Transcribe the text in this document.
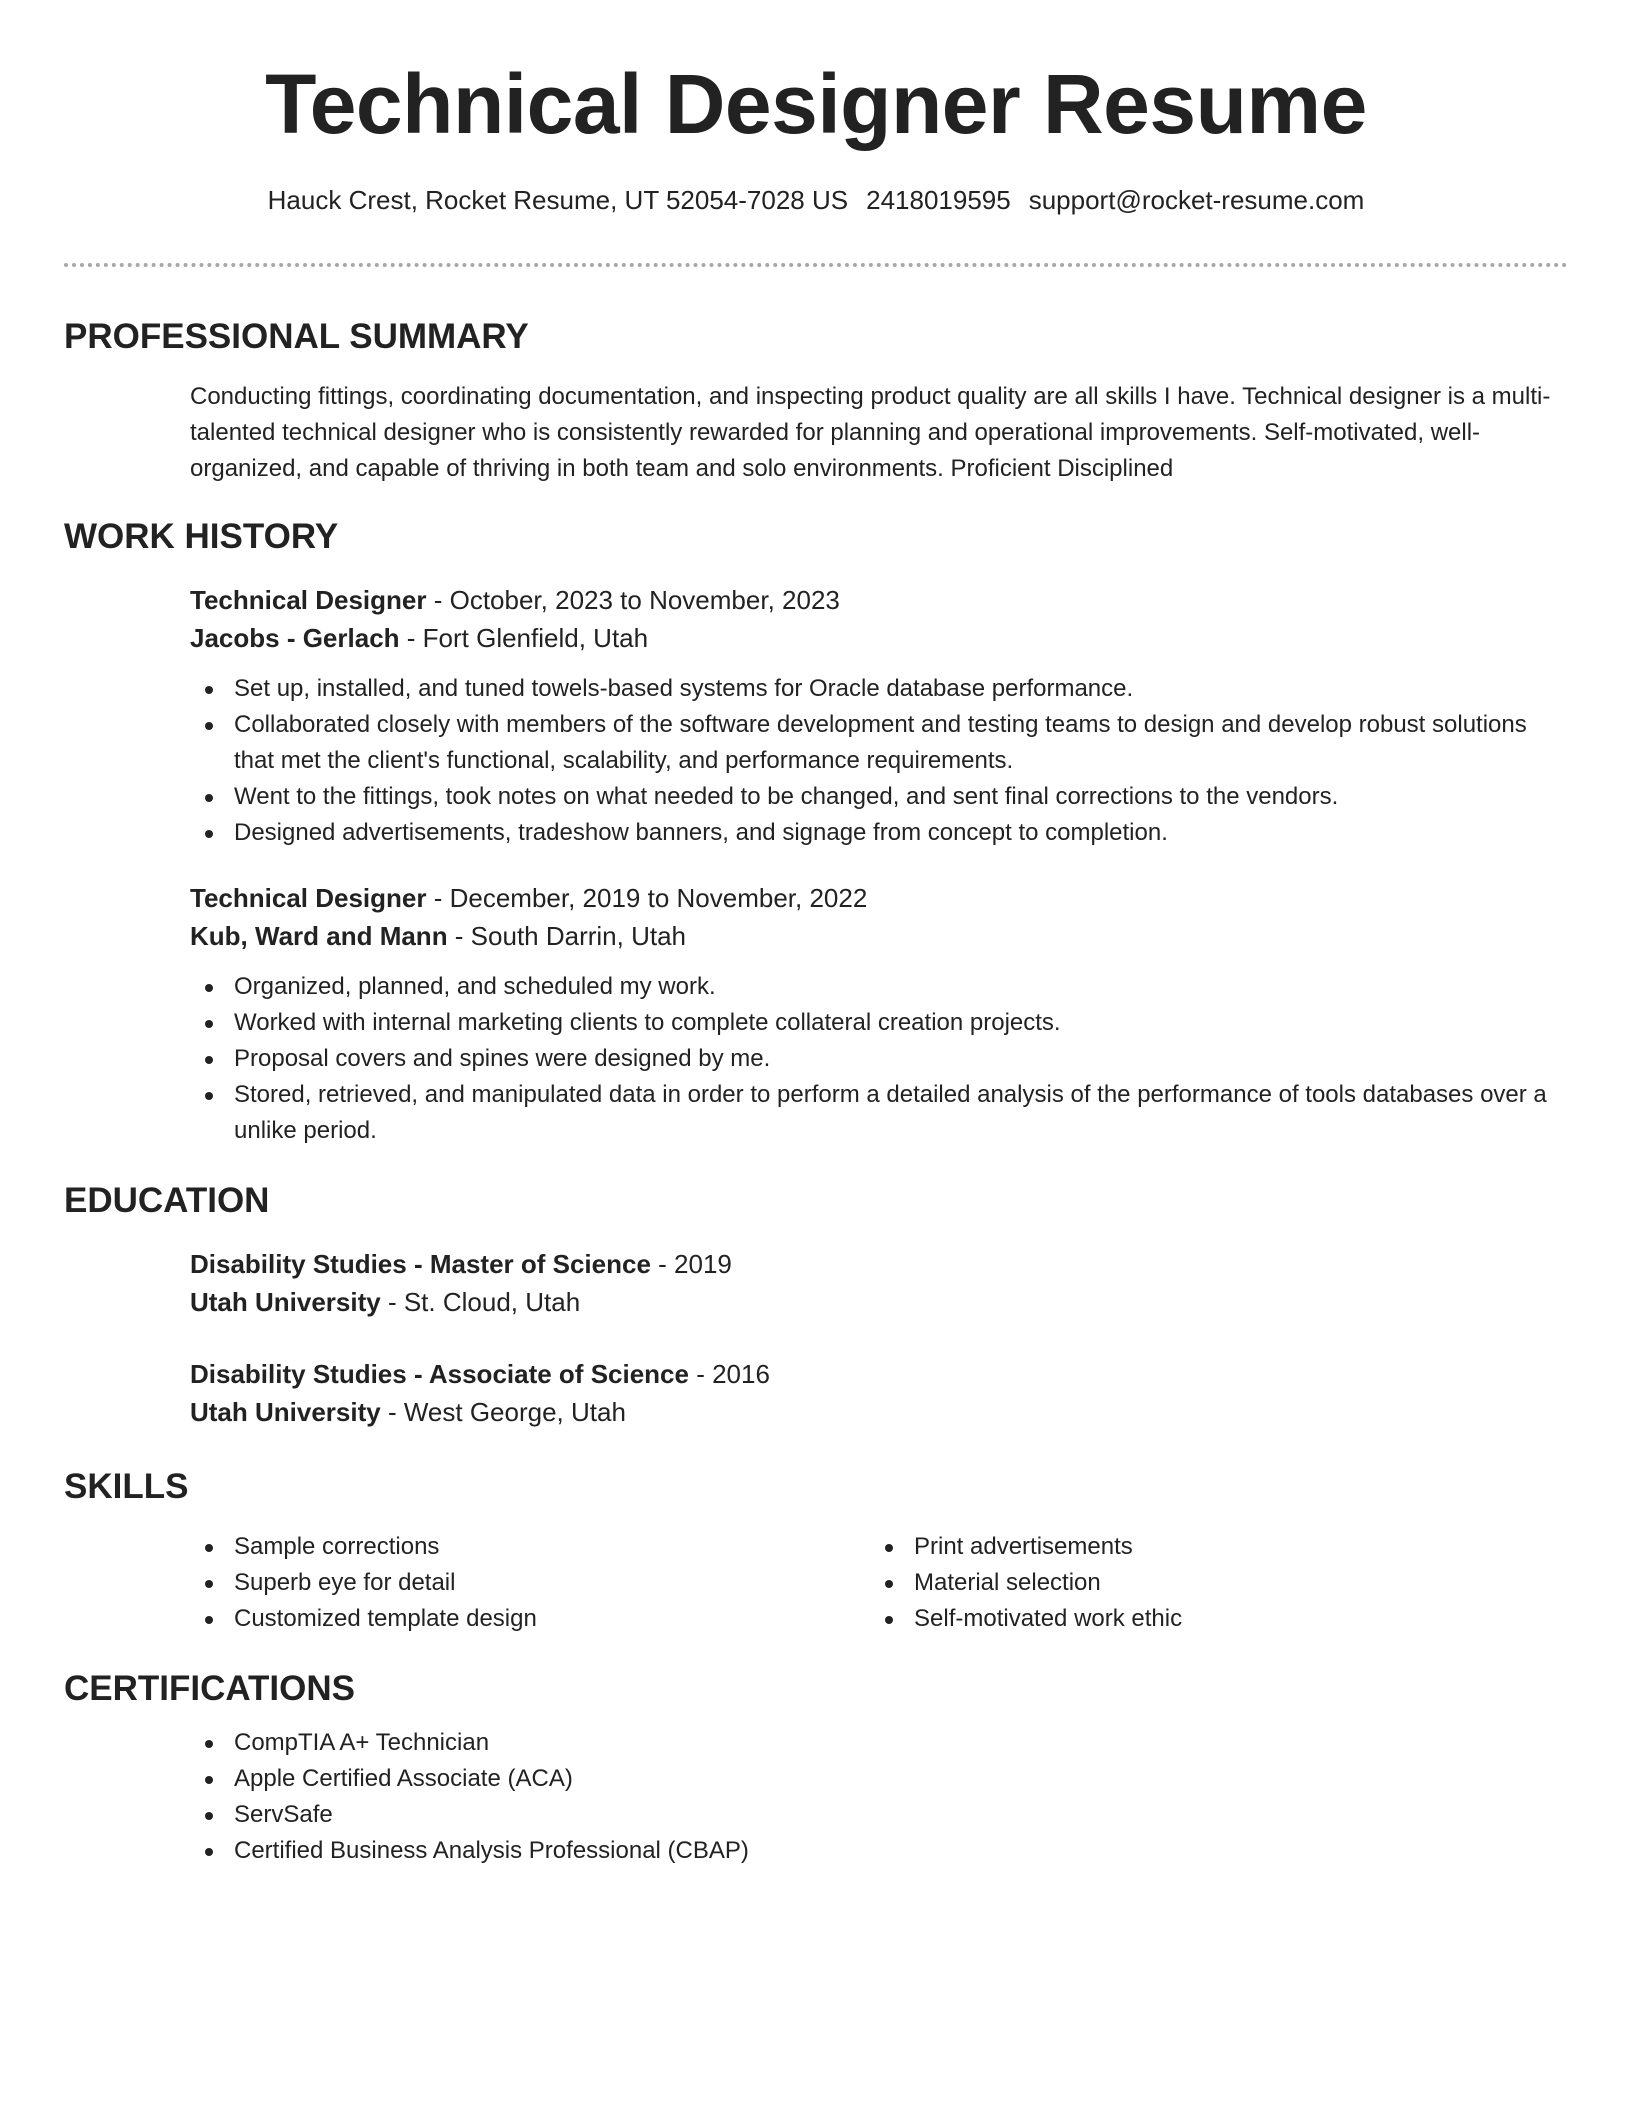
Technical Designer Resume
Hauck Crest, Rocket Resume, UT 52054-7028 US 2418019595 support@rocket-resume.com
PROFESSIONAL SUMMARY

Conducting fittings, coordinating documentation, and inspecting product quality are all skills I have. Technical designer is a multi-talented technical designer who is consistently rewarded for planning and operational improvements. Self-motivated, well-organized, and capable of thriving in both team and solo environments. Proficient Disciplined

WORK HISTORY
Technical Designer - October, 2023 to November, 2023
Jacobs - Gerlach - Fort Glenfield, Utah
Set up, installed, and tuned towels-based systems for Oracle database performance.
Collaborated closely with members of the software development and testing teams to design and develop robust solutions that met the client's functional, scalability, and performance requirements.
Went to the fittings, took notes on what needed to be changed, and sent final corrections to the vendors.
Designed advertisements, tradeshow banners, and signage from concept to completion.
Technical Designer - December, 2019 to November, 2022
Kub, Ward and Mann - South Darrin, Utah
Organized, planned, and scheduled my work.
Worked with internal marketing clients to complete collateral creation projects.
Proposal covers and spines were designed by me.
Stored, retrieved, and manipulated data in order to perform a detailed analysis of the performance of tools databases over a unlike period.
EDUCATION
Disability Studies - Master of Science - 2019
Utah University - St. Cloud, Utah
Disability Studies - Associate of Science - 2016
Utah University - West George, Utah
SKILLS
Sample corrections
Superb eye for detail
Customized template design
Print advertisements
Material selection
Self-motivated work ethic
CERTIFICATIONS
CompTIA A+ Technician
Apple Certified Associate (ACA)
ServSafe
Certified Business Analysis Professional (CBAP)
